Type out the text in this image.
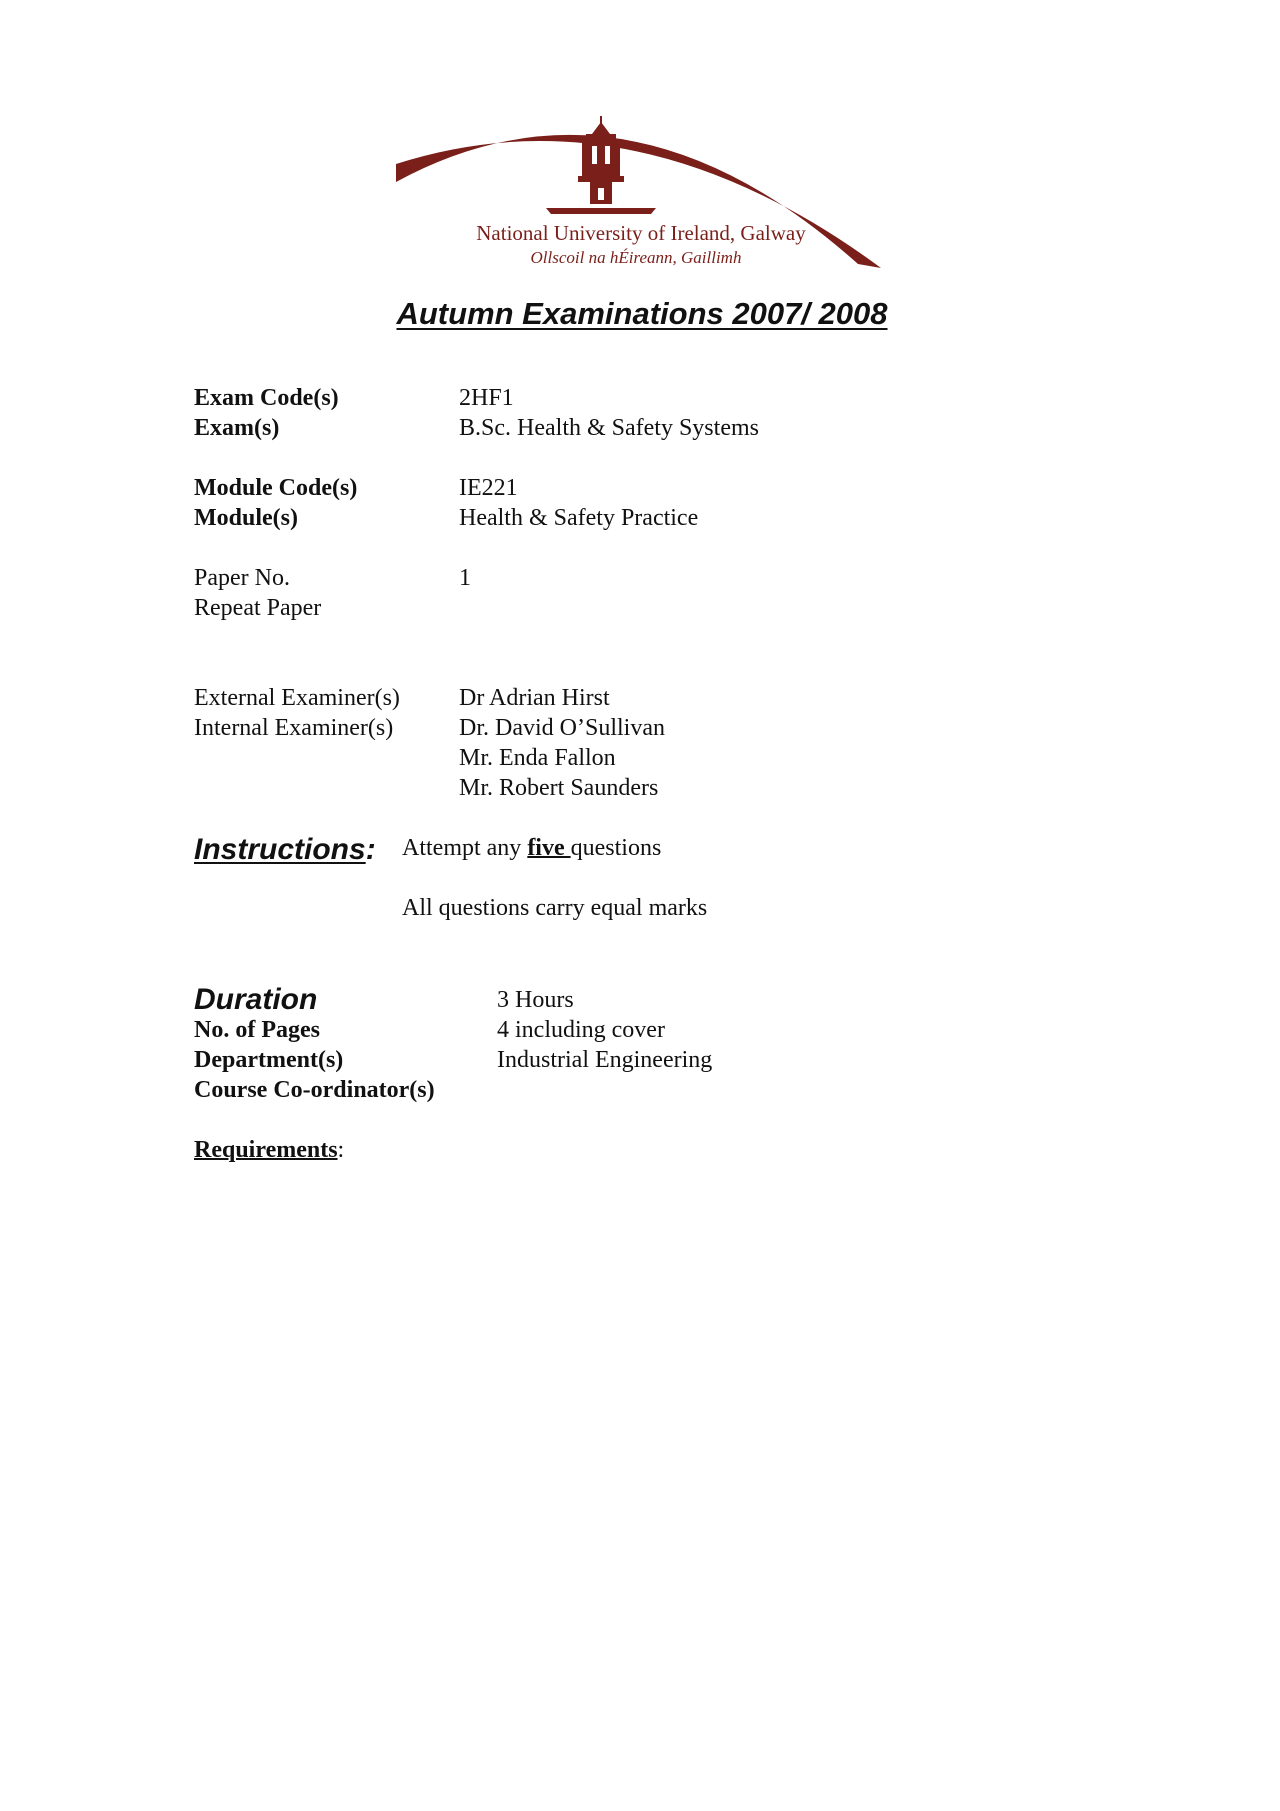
National University of Ireland, Galway
Ollscoil na hÉireann, Gaillimh
Autumn Examinations 2007/ 2008
Exam Code(s)	2HF1
Exam(s)	B.Sc. Health & Safety Systems
Module Code(s)	IE221
Module(s)	Health & Safety Practice
Paper No.	1
Repeat Paper
External Examiner(s) Dr Adrian Hirst
Internal Examiner(s)	Dr. David O’Sullivan
Mr. Enda Fallon
Mr. Robert Saunders
Instructions: Attempt any five questions
All questions carry equal marks
Duration	3 Hours
No. of Pages	4 including cover
Department(s)	Industrial Engineering
Course Co-ordinator(s)
Requirements:
